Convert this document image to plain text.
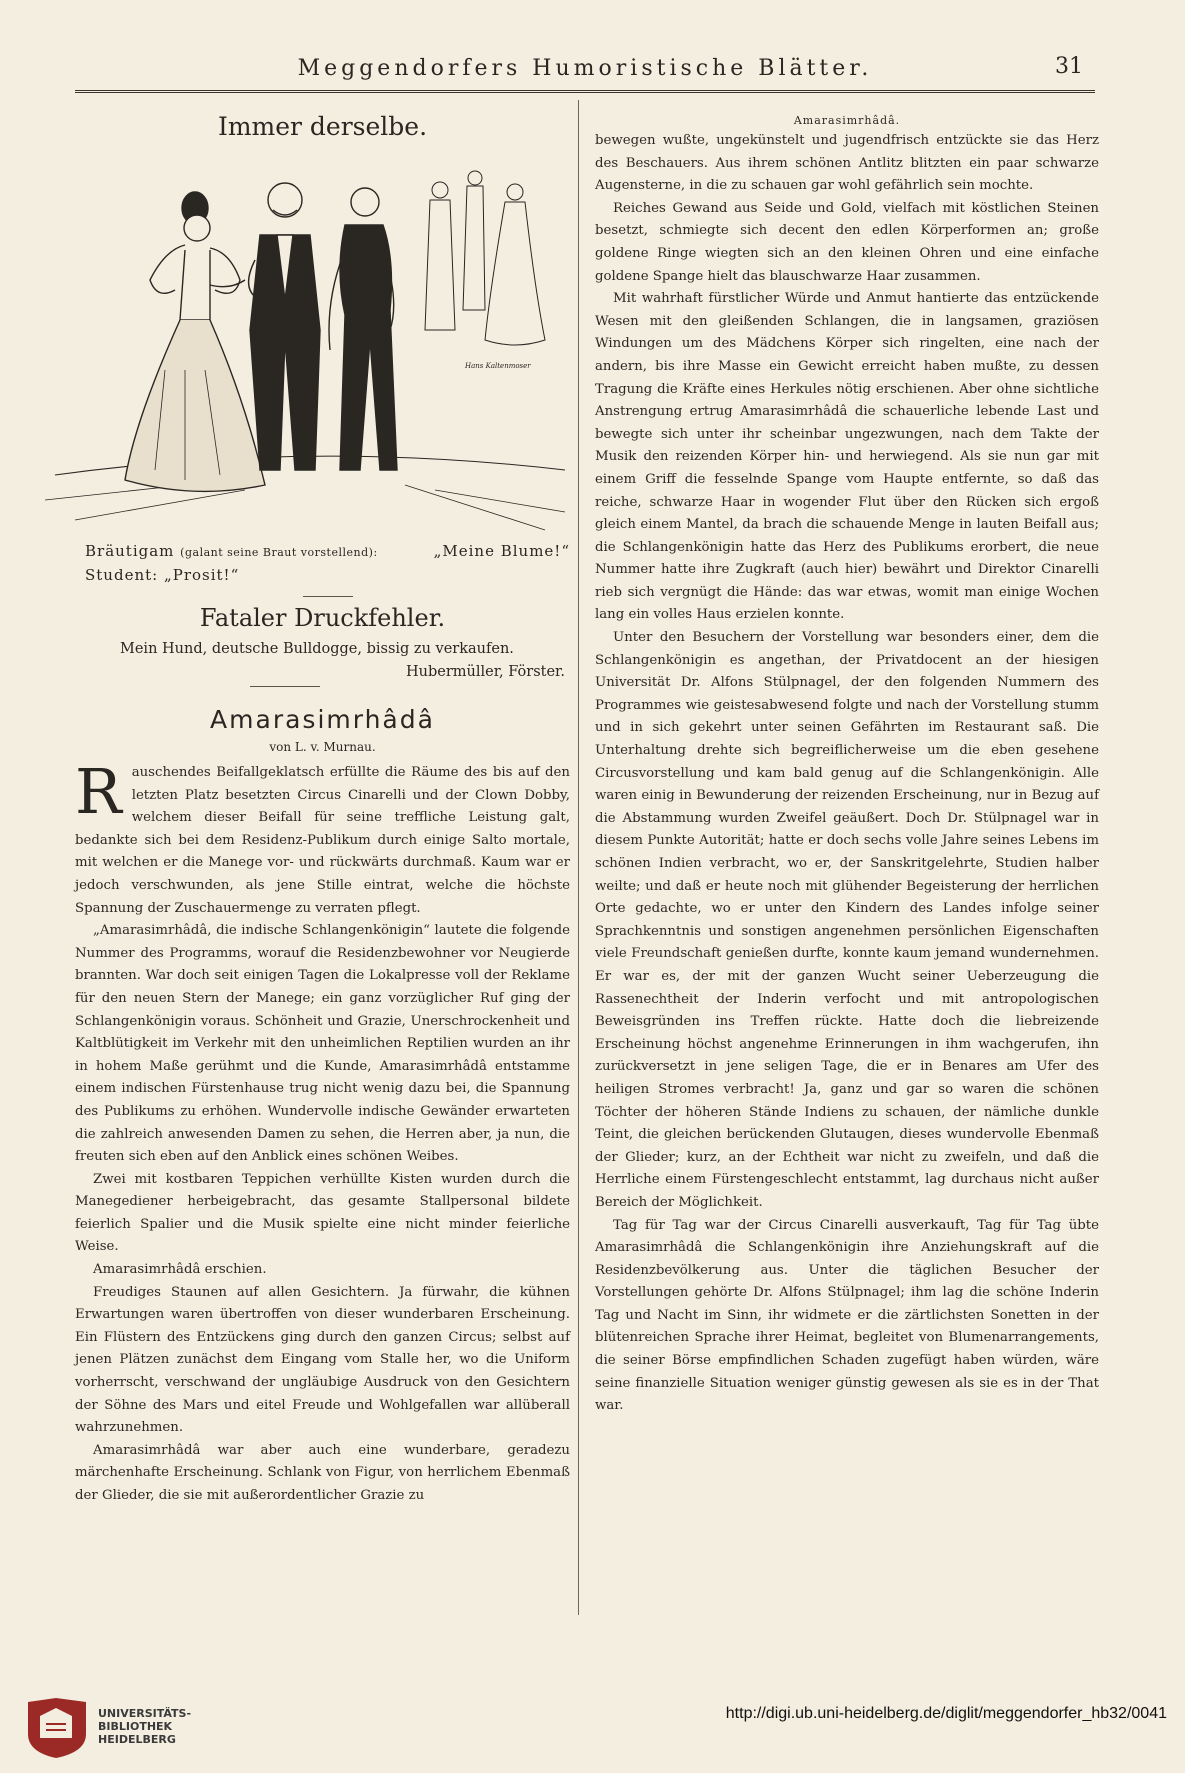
Meggendorfers Humoristische Blätter.	31
Immer derselbe.
Hans Kaltenmoser
Bräutigam (galant seine Braut vorstellend):	„Meine Blume!“
Student: „Prosit!“
Fataler Druckfehler.
Mein Hund, deutsche Bulldogge, bissig zu verkaufen.
Hubermüller, Förster.
Amarasimrhâdâ
von L. v. Murnau.

Rauschendes Beifallgeklatsch erfüllte die Räume des bis auf den letzten Platz besetzten Circus Cinarelli und der Clown Dobby, welchem dieser Beifall für seine treffliche Leistung galt, bedankte sich bei dem Residenz-Publikum durch einige Salto mortale, mit welchen er die Manege vor- und rückwärts durchmaß. Kaum war er jedoch verschwunden, als jene Stille eintrat, welche die höchste Spannung der Zuschauermenge zu verraten pflegt.

„Amarasimrhâdâ, die indische Schlangenkönigin“ lautete die folgende Nummer des Programms, worauf die Residenzbewohner vor Neugierde brannten. War doch seit einigen Tagen die Lokalpresse voll der Reklame für den neuen Stern der Manege; ein ganz vorzüglicher Ruf ging der Schlangenkönigin voraus. Schönheit und Grazie, Unerschrockenheit und Kaltblütigkeit im Verkehr mit den unheimlichen Reptilien wurden an ihr in hohem Maße gerühmt und die Kunde, Amarasimrhâdâ entstamme einem indischen Fürstenhause trug nicht wenig dazu bei, die Spannung des Publikums zu erhöhen. Wundervolle indische Gewänder erwarteten die zahlreich anwesenden Damen zu sehen, die Herren aber, ja nun, die freuten sich eben auf den Anblick eines schönen Weibes.

Zwei mit kostbaren Teppichen verhüllte Kisten wurden durch die Manegediener herbeigebracht, das gesamte Stallpersonal bildete feierlich Spalier und die Musik spielte eine nicht minder feierliche Weise.

Amarasimrhâdâ erschien.

Freudiges Staunen auf allen Gesichtern. Ja fürwahr, die kühnen Erwartungen waren übertroffen von dieser wunderbaren Erscheinung. Ein Flüstern des Entzückens ging durch den ganzen Circus; selbst auf jenen Plätzen zunächst dem Eingang vom Stalle her, wo die Uniform vorherrscht, verschwand der ungläubige Ausdruck von den Gesichtern der Söhne des Mars und eitel Freude und Wohlgefallen war allüberall wahrzunehmen.

Amarasimrhâdâ war aber auch eine wunderbare, geradezu märchenhafte Erscheinung. Schlank von Figur, von herrlichem Ebenmaß der Glieder, die sie mit außerordentlicher Grazie zu

Amarasimrhâdâ.

bewegen wußte, ungekünstelt und jugendfrisch entzückte sie das Herz des Beschauers. Aus ihrem schönen Antlitz blitzten ein paar schwarze Augensterne, in die zu schauen gar wohl gefährlich sein mochte.

Reiches Gewand aus Seide und Gold, vielfach mit köstlichen Steinen besetzt, schmiegte sich decent den edlen Körperformen an; große goldene Ringe wiegten sich an den kleinen Ohren und eine einfache goldene Spange hielt das blauschwarze Haar zusammen.

Mit wahrhaft fürstlicher Würde und Anmut hantierte das entzückende Wesen mit den gleißenden Schlangen, die in langsamen, graziösen Windungen um des Mädchens Körper sich ringelten, eine nach der andern, bis ihre Masse ein Gewicht erreicht haben mußte, zu dessen Tragung die Kräfte eines Herkules nötig erschienen. Aber ohne sichtliche Anstrengung ertrug Amarasimrhâdâ die schauerliche lebende Last und bewegte sich unter ihr scheinbar ungezwungen, nach dem Takte der Musik den reizenden Körper hin- und herwiegend. Als sie nun gar mit einem Griff die fesselnde Spange vom Haupte entfernte, so daß das reiche, schwarze Haar in wogender Flut über den Rücken sich ergoß gleich einem Mantel, da brach die schauende Menge in lauten Beifall aus; die Schlangenkönigin hatte das Herz des Publikums erorbert, die neue Nummer hatte ihre Zugkraft (auch hier) bewährt und Direktor Cinarelli rieb sich vergnügt die Hände: das war etwas, womit man einige Wochen lang ein volles Haus erzielen konnte.

Unter den Besuchern der Vorstellung war besonders einer, dem die Schlangenkönigin es angethan, der Privatdocent an der hiesigen Universität Dr. Alfons Stülpnagel, der den folgenden Nummern des Programmes wie geistesabwesend folgte und nach der Vorstellung stumm und in sich gekehrt unter seinen Gefährten im Restaurant saß. Die Unterhaltung drehte sich begreiflicherweise um die eben gesehene Circusvorstellung und kam bald genug auf die Schlangenkönigin. Alle waren einig in Bewunderung der reizenden Erscheinung, nur in Bezug auf die Abstammung wurden Zweifel geäußert. Doch Dr. Stülpnagel war in diesem Punkte Autorität; hatte er doch sechs volle Jahre seines Lebens im schönen Indien verbracht, wo er, der Sanskritgelehrte, Studien halber weilte; und daß er heute noch mit glühender Begeisterung der herrlichen Orte gedachte, wo er unter den Kindern des Landes infolge seiner Sprachkenntnis und sonstigen angenehmen persönlichen Eigenschaften viele Freundschaft genießen durfte, konnte kaum jemand wundernehmen. Er war es, der mit der ganzen Wucht seiner Ueberzeugung die Rassenechtheit der Inderin verfocht und mit antropologischen Beweisgründen ins Treffen rückte. Hatte doch die liebreizende Erscheinung höchst angenehme Erinnerungen in ihm wachgerufen, ihn zurückversetzt in jene seligen Tage, die er in Benares am Ufer des heiligen Stromes verbracht! Ja, ganz und gar so waren die schönen Töchter der höheren Stände Indiens zu schauen, der nämliche dunkle Teint, die gleichen berückenden Glutaugen, dieses wundervolle Ebenmaß der Glieder; kurz, an der Echtheit war nicht zu zweifeln, und daß die Herrliche einem Fürstengeschlecht entstammt, lag durchaus nicht außer Bereich der Möglichkeit.

Tag für Tag war der Circus Cinarelli ausverkauft, Tag für Tag übte Amarasimrhâdâ die Schlangenkönigin ihre Anziehungskraft auf die Residenzbevölkerung aus. Unter die täglichen Besucher der Vorstellungen gehörte Dr. Alfons Stülpnagel; ihm lag die schöne Inderin Tag und Nacht im Sinn, ihr widmete er die zärtlichsten Sonetten in der blütenreichen Sprache ihrer Heimat, begleitet von Blumenarrangements, die seiner Börse empfindlichen Schaden zugefügt haben würden, wäre seine finanzielle Situation weniger günstig gewesen als sie es in der That war.

UNIVERSITÄTS-
BIBLIOTHEK
HEIDELBERG
http://digi.ub.uni-heidelberg.de/diglit/meggendorfer_hb32/0041
